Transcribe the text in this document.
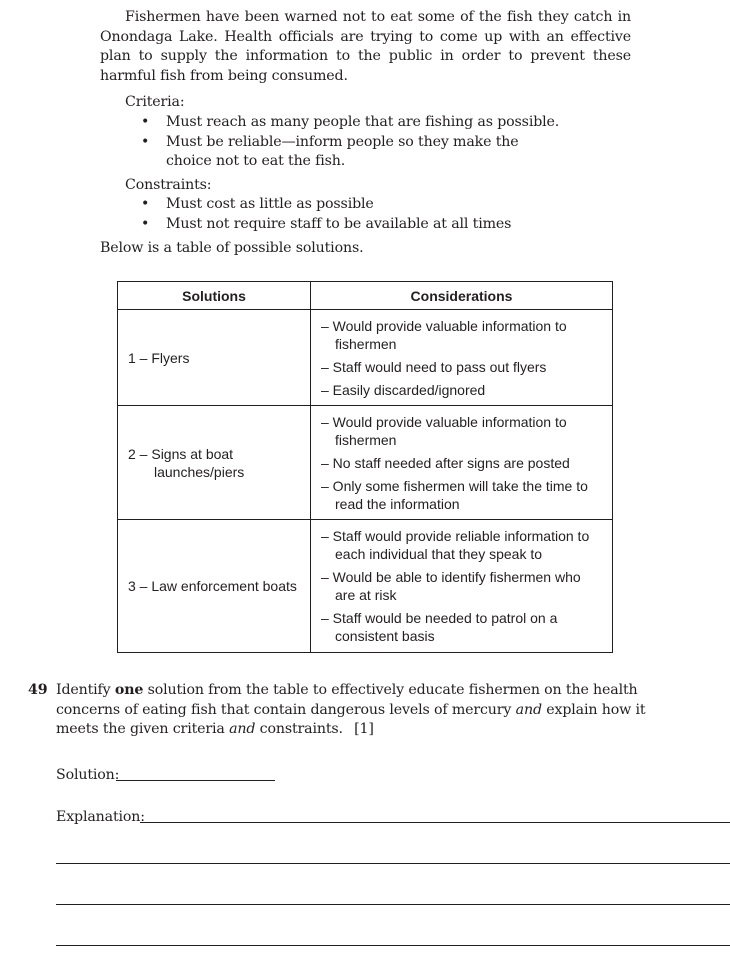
Fishermen have been warned not to eat some of the fish they catch in Onondaga Lake. Health officials are trying to come up with an effective plan to supply the information to the public in order to prevent these harmful fish from being consumed.
Criteria:
• Must reach as many people that are fishing as possible.
• Must be reliable—inform people so they make the choice not to eat the fish.
Constraints:
• Must cost as little as possible
• Must not require staff to be available at all times
Below is a table of possible solutions.
Solutions	Considerations

1 – Flyers	– Would provide valuable information to fishermen
– Staff would need to pass out flyers
– Easily discarded/ignored

2 – Signs at boat launches/piers	– Would provide valuable information to fishermen
– No staff needed after signs are posted
– Only some fishermen will take the time to read the information

3 – Law enforcement boats	– Staff would provide reliable information to each individual that they speak to
– Would be able to identify fishermen who are at risk
– Staff would be needed to patrol on a consistent basis
49 Identify one solution from the table to effectively educate fishermen on the health concerns of eating fish that contain dangerous levels of mercury and explain how it meets the given criteria and constraints.  [1]
Solution:
Explanation:
